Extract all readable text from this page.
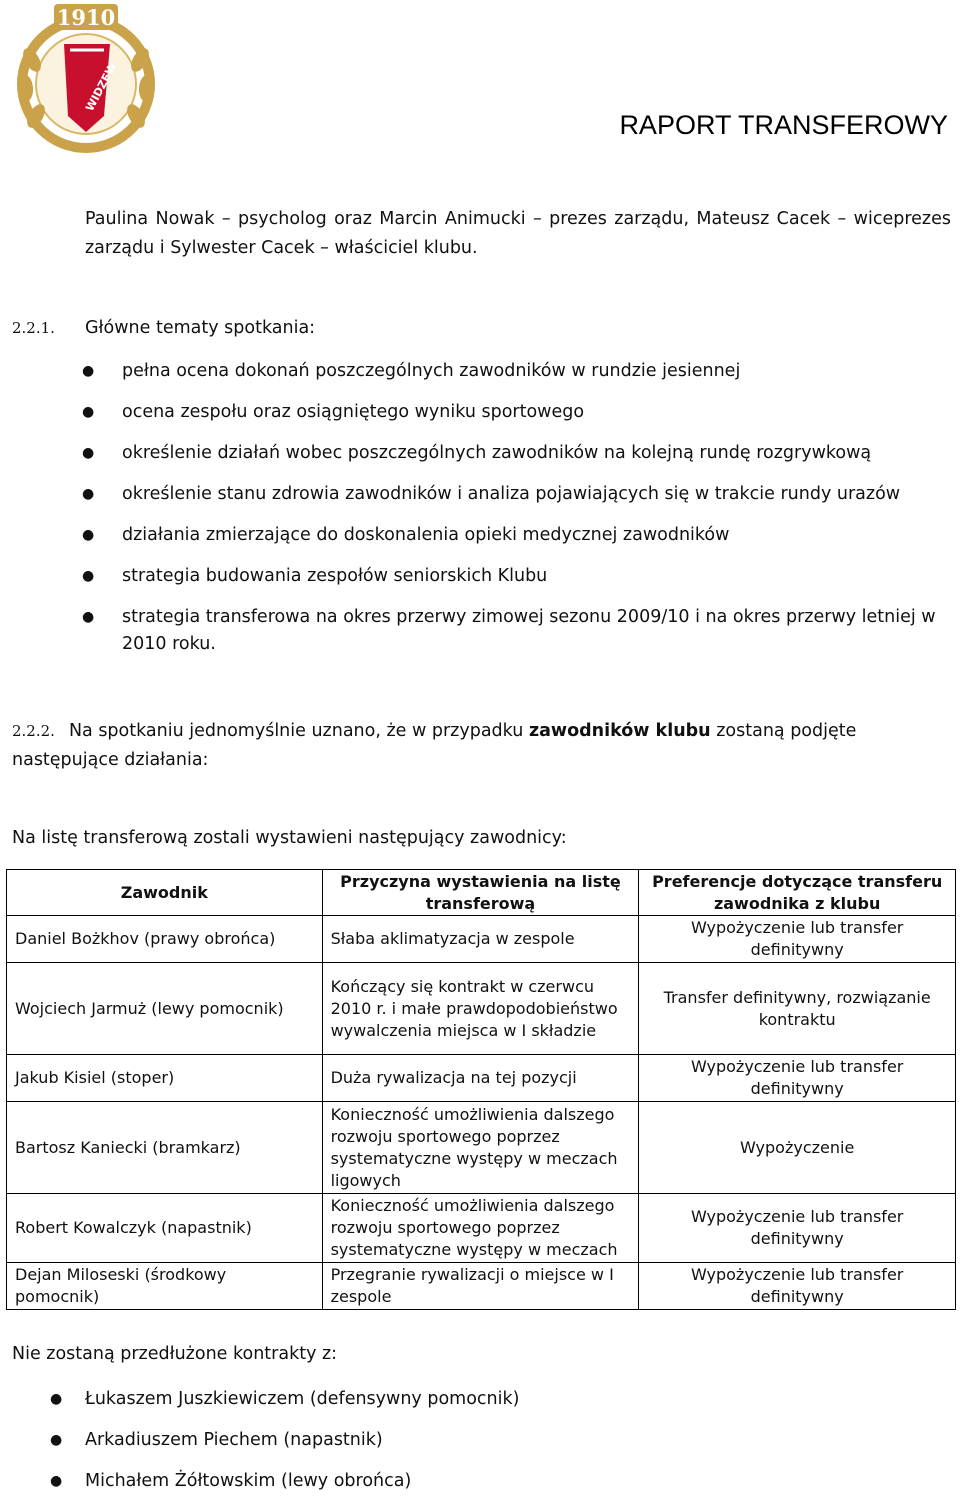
1910
WIDZEW
RAPORT TRANSFEROWY
Paulina Nowak – psycholog oraz Marcin Animucki – prezes zarządu, Mateusz Cacek – wiceprezes zarządu i Sylwester Cacek – właściciel klubu.
2.2.1. Główne tematy spotkania:
● pełna ocena dokonań poszczególnych zawodników w rundzie jesiennej
● ocena zespołu oraz osiągniętego wyniku sportowego
● określenie działań wobec poszczególnych zawodników na kolejną rundę rozgrywkową
● określenie stanu zdrowia zawodników i analiza pojawiających się w trakcie rundy urazów
● działania zmierzające do doskonalenia opieki medycznej zawodników
● strategia budowania zespołów seniorskich Klubu
● strategia transferowa na okres przerwy zimowej sezonu 2009/10 i na okres przerwy letniej w 2010 roku.
2.2.2. Na spotkaniu jednomyślnie uznano, że w przypadku zawodników klubu zostaną podjęte następujące działania:
Na listę transferową zostali wystawieni następujący zawodnicy:
Zawodnik	Przyczyna wystawienia na listę transferową	Preferencje dotyczące transferu zawodnika z klubu
Daniel Bożkhov (prawy obrońca)	Słaba aklimatyzacja w zespole	Wypożyczenie lub transfer definitywny
Wojciech Jarmuż (lewy pomocnik)	Kończący się kontrakt w czerwcu 2010 r. i małe prawdopodobieństwo wywalczenia miejsca w I składzie	Transfer definitywny, rozwiązanie kontraktu
Jakub Kisiel (stoper)	Duża rywalizacja na tej pozycji	Wypożyczenie lub transfer definitywny
Bartosz Kaniecki (bramkarz)	Konieczność umożliwienia dalszego rozwoju sportowego poprzez systematyczne występy w meczach ligowych	Wypożyczenie
Robert Kowalczyk (napastnik)	Konieczność umożliwienia dalszego rozwoju sportowego poprzez systematyczne występy w meczach	Wypożyczenie lub transfer definitywny
Dejan Miloseski (środkowy pomocnik)	Przegranie rywalizacji o miejsce w I zespole	Wypożyczenie lub transfer definitywny
Nie zostaną przedłużone kontrakty z:
● Łukaszem Juszkiewiczem (defensywny pomocnik)
● Arkadiuszem Piechem (napastnik)
● Michałem Żółtowskim (lewy obrońca)
